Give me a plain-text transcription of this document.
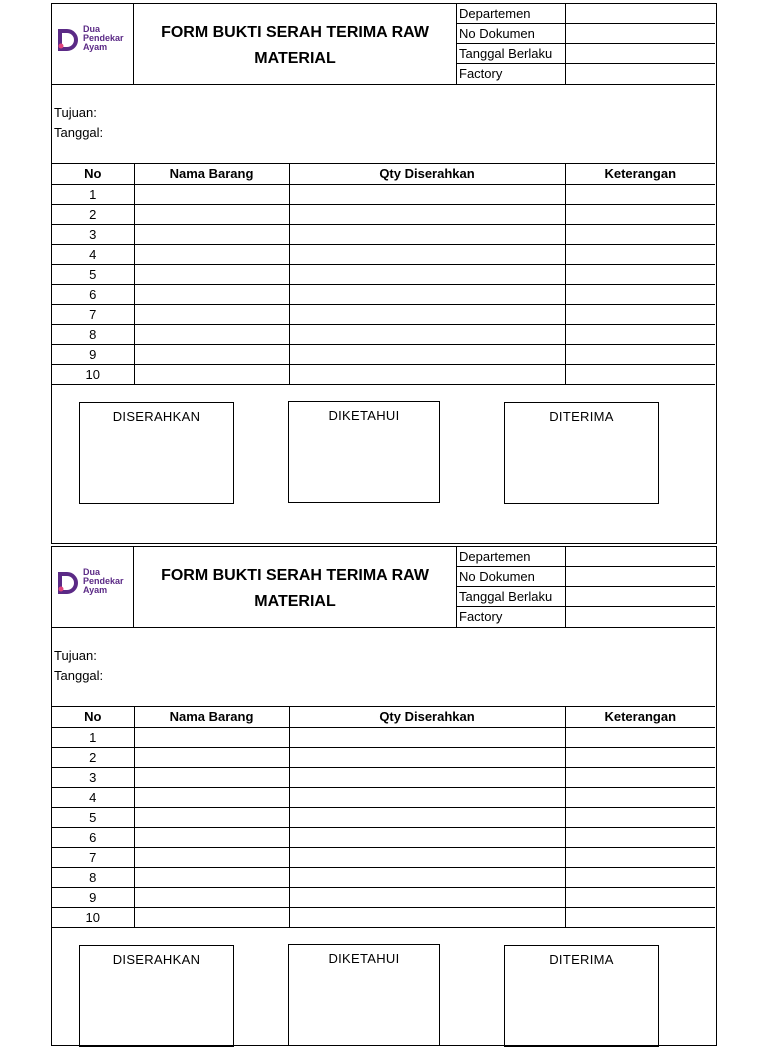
Dua
Pendekar
Ayam
FORM BUKTI SERAH TERIMA RAW
MATERIAL
Departemen
No Dokumen
Tanggal Berlaku
Factory
Tujuan:
Tanggal:
No	Nama Barang	Qty Diserahkan	Keterangan
1			
2			
3			
4			
5			
6			
7			
8			
9			
10			
DISERAHKAN	DIKETAHUI	DITERIMA
Dua
Pendekar
Ayam
FORM BUKTI SERAH TERIMA RAW
MATERIAL
Departemen
No Dokumen
Tanggal Berlaku
Factory
Tujuan:
Tanggal:
No	Nama Barang	Qty Diserahkan	Keterangan
1			
2			
3			
4			
5			
6			
7			
8			
9			
10			
DISERAHKAN	DIKETAHUI	DITERIMA
